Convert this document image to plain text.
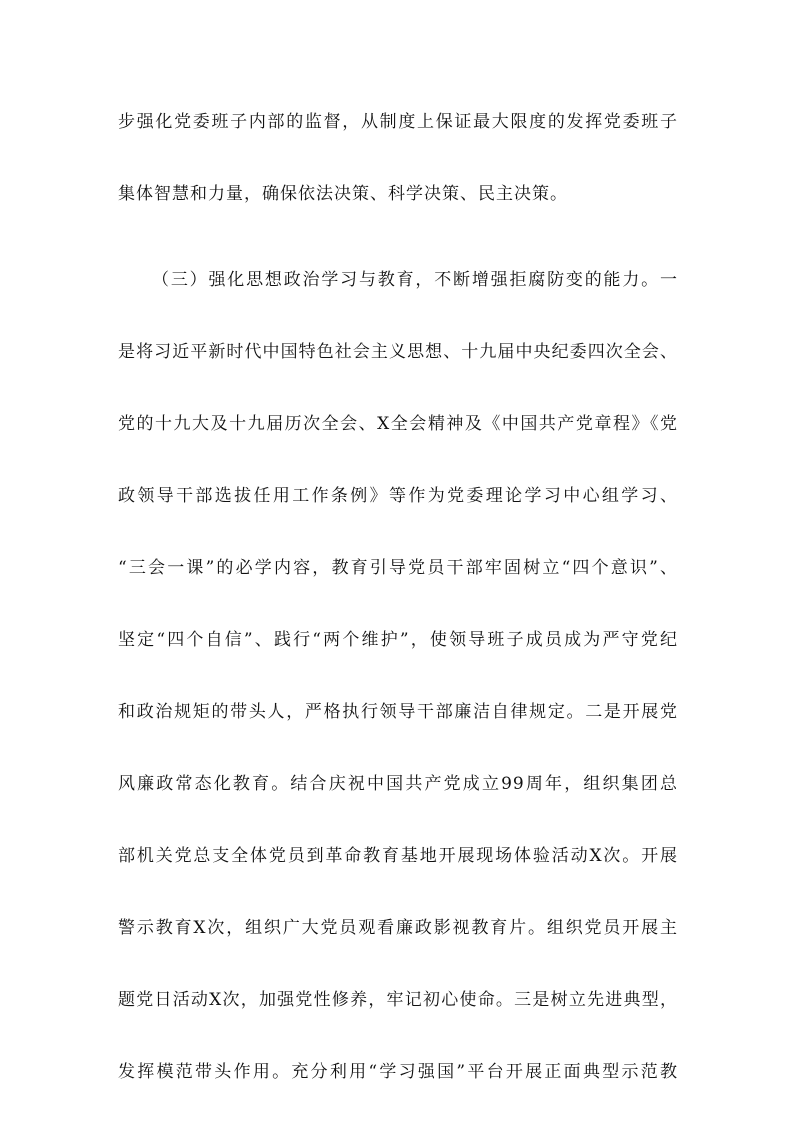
步强化党委班子内部的监督，从制度上保证最大限度的发挥党委班子
集体智慧和力量，确保依法决策、科学决策、民主决策。
（三）强化思想政治学习与教育，不断增强拒腐防变的能力。一
是将习近平新时代中国特色社会主义思想、十九届中央纪委四次全会、
党的十九大及十九届历次全会、X全会精神及《中国共产党章程》《党
政领导干部选拔任用工作条例》等作为党委理论学习中心组学习、
“三会一课”的必学内容，教育引导党员干部牢固树立“四个意识”、
坚定“四个自信”、践行“两个维护”，使领导班子成员成为严守党纪
和政治规矩的带头人，严格执行领导干部廉洁自律规定。二是开展党
风廉政常态化教育。结合庆祝中国共产党成立99周年，组织集团总
部机关党总支全体党员到革命教育基地开展现场体验活动X次。开展
警示教育X次，组织广大党员观看廉政影视教育片。组织党员开展主
题党日活动X次，加强党性修养，牢记初心使命。三是树立先进典型，
发挥模范带头作用。充分利用“学习强国”平台开展正面典型示范教
